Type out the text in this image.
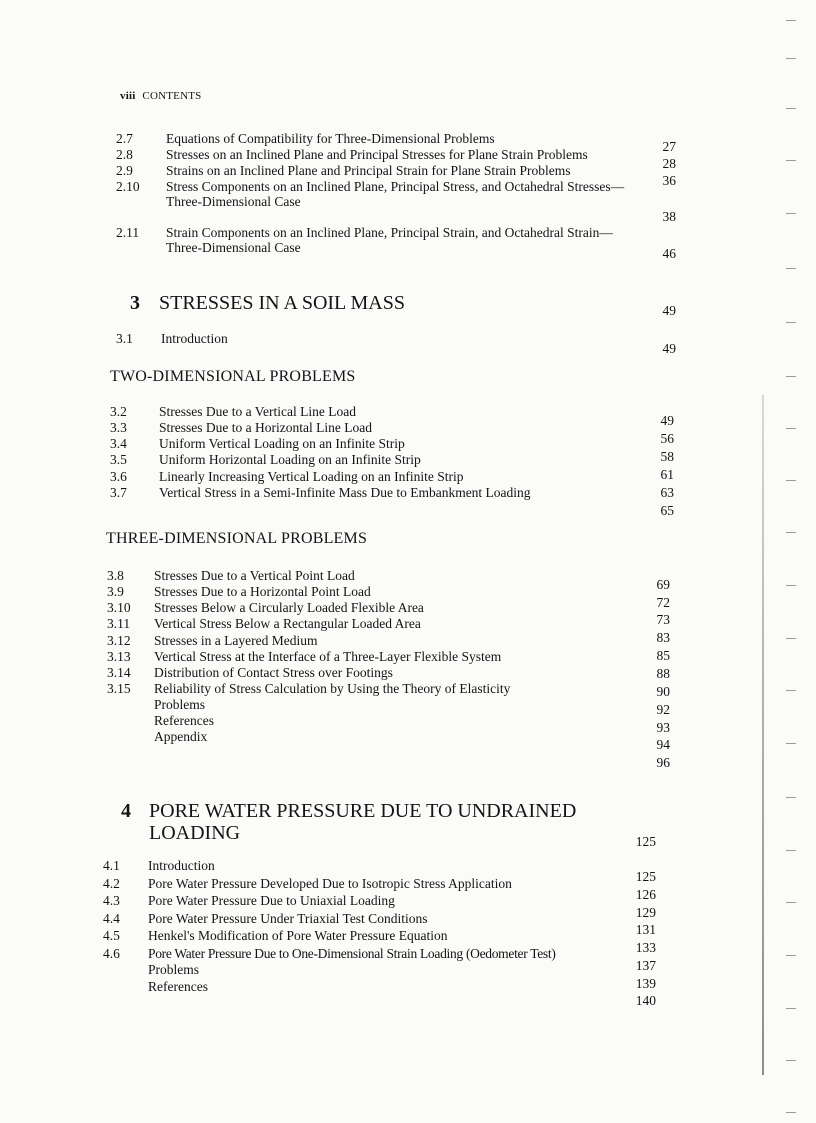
viii CONTENTS
2.7 Equations of Compatibility for Three-Dimensional Problems
27
2.8 Stresses on an Inclined Plane and Principal Stresses for Plane Strain Problems
28
2.9 Strains on an Inclined Plane and Principal Strain for Plane Strain Problems
36
2.10 Stress Components on an Inclined Plane, Principal Stress, and Octahedral Stresses—Three-Dimensional Case
38
2.11 Strain Components on an Inclined Plane, Principal Strain, and Octahedral Strain—Three-Dimensional Case	46
3 STRESSES IN A SOIL MASS	49
3.1 Introduction
49
TWO-DIMENSIONAL PROBLEMS
3.2 Stresses Due to a Vertical Line Load
49
3.3 Stresses Due to a Horizontal Line Load
56
3.4 Uniform Vertical Loading on an Infinite Strip
58
3.5 Uniform Horizontal Loading on an Infinite Strip
61
3.6 Linearly Increasing Vertical Loading on an Infinite Strip
63
3.7 Vertical Stress in a Semi-Infinite Mass Due to Embankment Loading
65
THREE-DIMENSIONAL PROBLEMS
3.8 Stresses Due to a Vertical Point Load
69
3.9 Stresses Due to a Horizontal Point Load
72
3.10 Stresses Below a Circularly Loaded Flexible Area
73
3.11 Vertical Stress Below a Rectangular Loaded Area
83
3.12 Stresses in a Layered Medium
85
3.13 Vertical Stress at the Interface of a Three-Layer Flexible System
88
3.14 Distribution of Contact Stress over Footings
90
3.15 Reliability of Stress Calculation by Using the Theory of Elasticity
92
Problems
93
References
94
Appendix
96
4 PORE WATER PRESSURE DUE TO UNDRAINED LOADING	125
4.1 Introduction
125
4.2 Pore Water Pressure Developed Due to Isotropic Stress Application
126
4.3 Pore Water Pressure Due to Uniaxial Loading
129
4.4 Pore Water Pressure Under Triaxial Test Conditions
131
4.5 Henkel's Modification of Pore Water Pressure Equation
133
4.6 Pore Water Pressure Due to One-Dimensional Strain Loading (Oedometer Test)
137
Problems
139
References
140
